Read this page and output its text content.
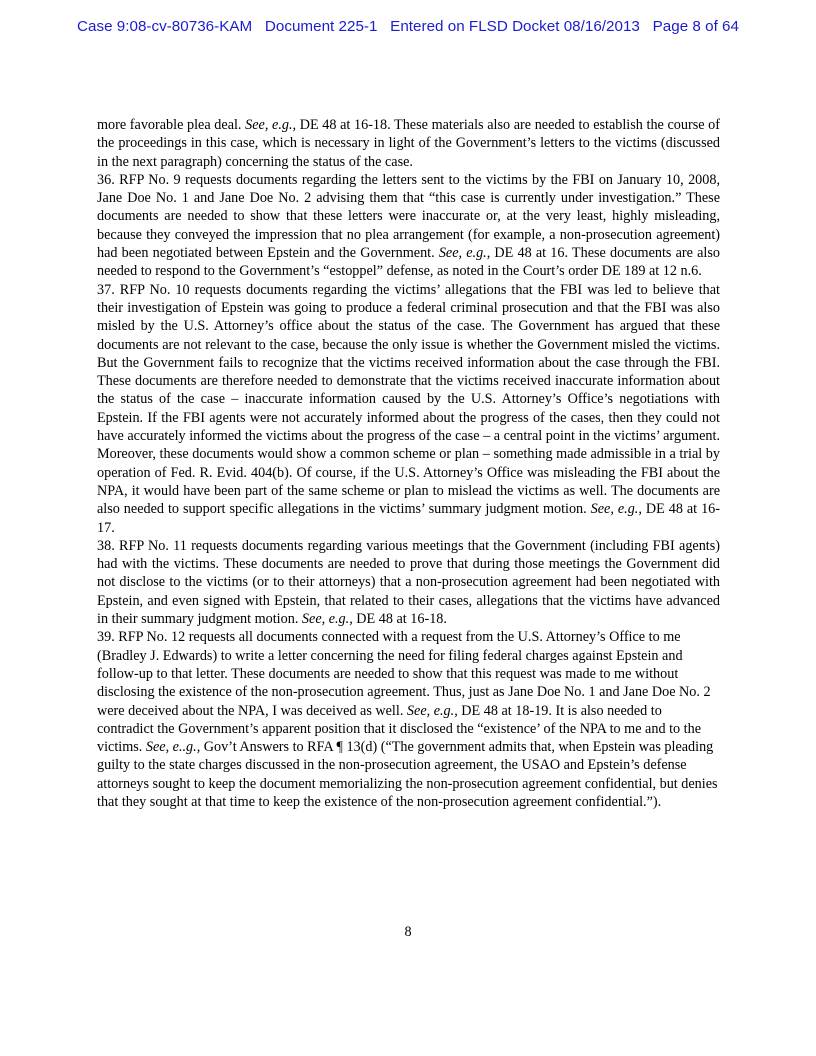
Case 9:08-cv-80736-KAM   Document 225-1   Entered on FLSD Docket 08/16/2013   Page 8 of 64

more favorable plea deal. See, e.g., DE 48 at 16-18. These materials also are needed to establish the course of the proceedings in this case, which is necessary in light of the Government’s letters to the victims (discussed in the next paragraph) concerning the status of the case.

36. RFP No. 9 requests documents regarding the letters sent to the victims by the FBI on January 10, 2008, Jane Doe No. 1 and Jane Doe No. 2 advising them that “this case is currently under investigation.” These documents are needed to show that these letters were inaccurate or, at the very least, highly misleading, because they conveyed the impression that no plea arrangement (for example, a non-prosecution agreement) had been negotiated between Epstein and the Government. See, e.g., DE 48 at 16. These documents are also needed to respond to the Government’s “estoppel” defense, as noted in the Court’s order DE 189 at 12 n.6.

37. RFP No. 10 requests documents regarding the victims’ allegations that the FBI was led to believe that their investigation of Epstein was going to produce a federal criminal prosecution and that the FBI was also misled by the U.S. Attorney’s office about the status of the case. The Government has argued that these documents are not relevant to the case, because the only issue is whether the Government misled the victims. But the Government fails to recognize that the victims received information about the case through the FBI. These documents are therefore needed to demonstrate that the victims received inaccurate information about the status of the case – inaccurate information caused by the U.S. Attorney’s Office’s negotiations with Epstein. If the FBI agents were not accurately informed about the progress of the cases, then they could not have accurately informed the victims about the progress of the case – a central point in the victims’ argument. Moreover, these documents would show a common scheme or plan – something made admissible in a trial by operation of Fed. R. Evid. 404(b). Of course, if the U.S. Attorney’s Office was misleading the FBI about the NPA, it would have been part of the same scheme or plan to mislead the victims as well. The documents are also needed to support specific allegations in the victims’ summary judgment motion. See, e.g., DE 48 at 16-17.

38. RFP No. 11 requests documents regarding various meetings that the Government (including FBI agents) had with the victims. These documents are needed to prove that during those meetings the Government did not disclose to the victims (or to their attorneys) that a non-prosecution agreement had been negotiated with Epstein, and even signed with Epstein, that related to their cases, allegations that the victims have advanced in their summary judgment motion. See, e.g., DE 48 at 16-18.

39. RFP No. 12 requests all documents connected with a request from the U.S. Attorney’s Office to me (Bradley J. Edwards) to write a letter concerning the need for filing federal charges against Epstein and follow-up to that letter. These documents are needed to show that this request was made to me without disclosing the existence of the non-prosecution agreement. Thus, just as Jane Doe No. 1 and Jane Doe No. 2 were deceived about the NPA, I was deceived as well. See, e.g., DE 48 at 18-19. It is also needed to contradict the Government’s apparent position that it disclosed the “existence’ of the NPA to me and to the victims. See, e..g., Gov’t Answers to RFA ¶ 13(d) (“The government admits that, when Epstein was pleading guilty to the state charges discussed in the non-prosecution agreement, the USAO and Epstein’s defense attorneys sought to keep the document memorializing the non-prosecution agreement confidential, but denies that they sought at that time to keep the existence of the non-prosecution agreement confidential.”).

8
